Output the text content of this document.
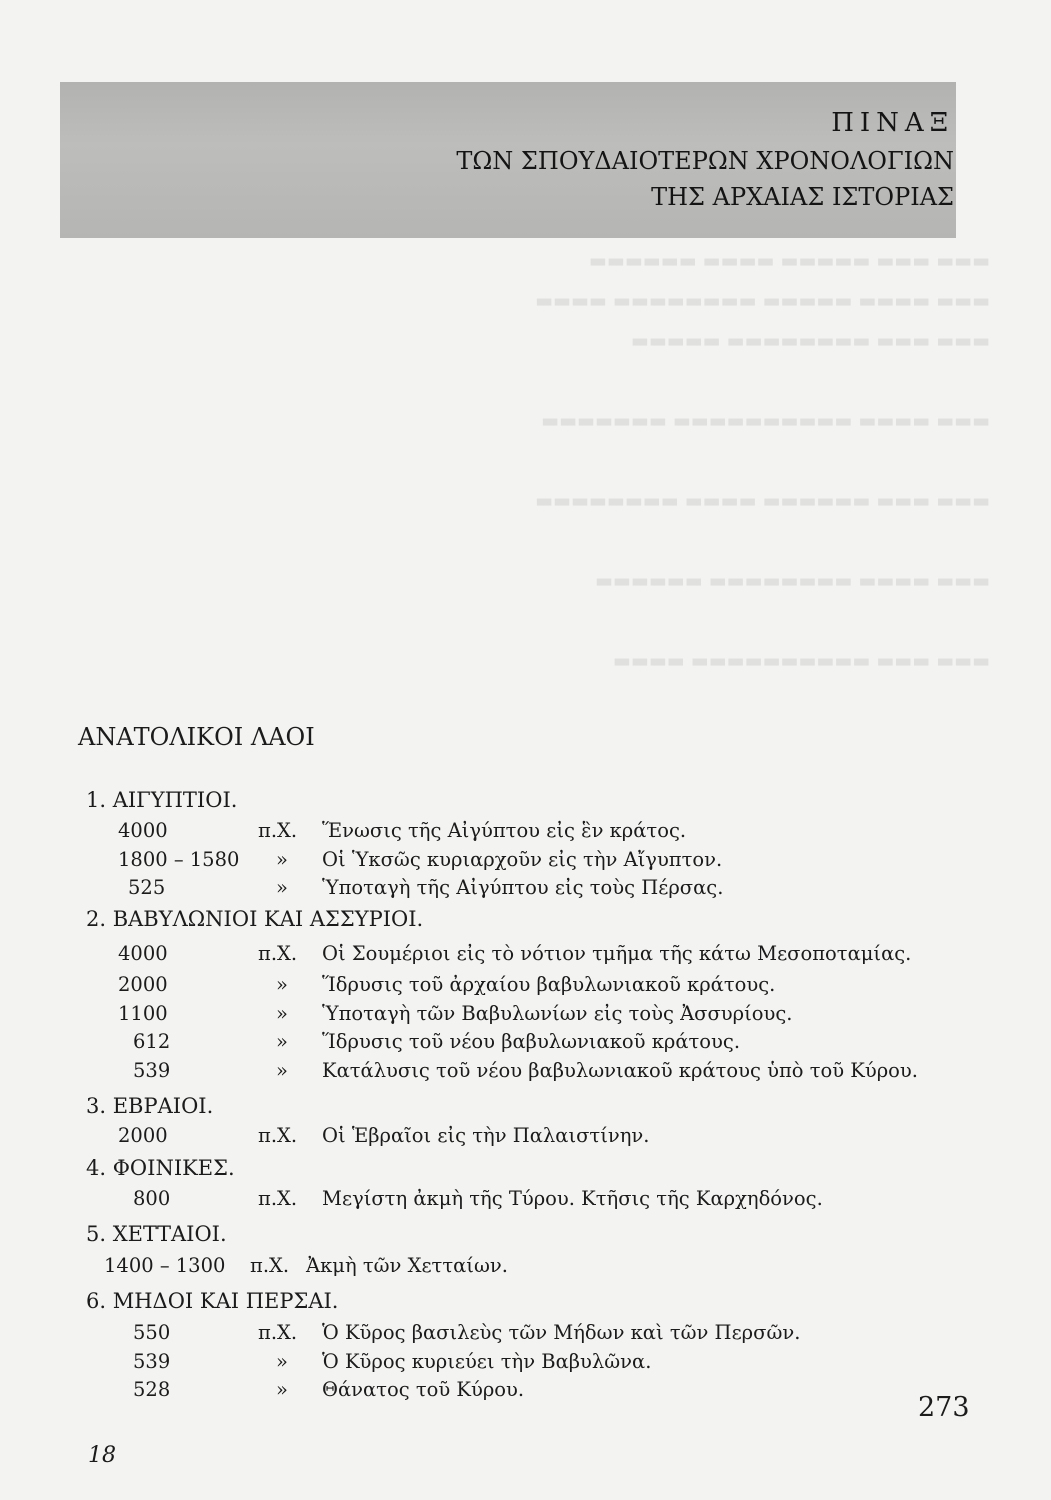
▬▬▬ ▬▬▬ ▬▬▬▬▬ ▬▬▬▬ ▬▬▬▬▬▬
▬▬▬ ▬▬▬▬ ▬▬▬▬▬ ▬▬▬▬▬▬▬▬ ▬▬▬▬
▬▬▬ ▬▬▬ ▬▬▬▬▬▬▬▬ ▬▬▬▬▬
▬▬▬ ▬▬▬▬ ▬▬▬▬▬▬▬▬▬▬ ▬▬▬▬▬▬▬
▬▬▬ ▬▬▬ ▬▬▬▬▬▬ ▬▬▬▬ ▬▬▬▬▬▬▬▬
▬▬▬ ▬▬▬▬ ▬▬▬▬▬▬▬▬ ▬▬▬▬▬▬
▬▬▬ ▬▬▬ ▬▬▬▬▬▬▬▬▬▬ ▬▬▬▬
ΠΙΝΑΞ
ΤΩΝ ΣΠΟΥΔΑΙΟΤΕΡΩΝ ΧΡΟΝΟΛΟΓΙΩΝ
ΤΗΣ ΑΡΧΑΙΑΣ ΙΣΤΟΡΙΑΣ
ΑΝΑΤΟΛΙΚΟΙ ΛΑΟΙ
1. ΑΙΓΥΠΤΙΟΙ.
4000	π.Χ. Ἕνωσις τῆς Αἰγύπτου εἰς ἓν κράτος.
1800 – 1580 » Οἱ Ὑκσῶς κυριαρχοῦν εἰς τὴν Αἴγυπτον.
525	» Ὑποταγὴ τῆς Αἰγύπτου εἰς τοὺς Πέρσας.
2. ΒΑΒΥΛΩΝΙΟΙ ΚΑΙ ΑΣΣΥΡΙΟΙ.
4000	π.Χ. Οἱ Σουμέριοι εἰς τὸ νότιον τμῆμα τῆς κάτω Μεσοποταμίας.
2000	» Ἵδρυσις τοῦ ἀρχαίου βαβυλωνιακοῦ κράτους.
1100	» Ὑποταγὴ τῶν Βαβυλωνίων εἰς τοὺς Ἀσσυρίους.
612	» Ἵδρυσις τοῦ νέου βαβυλωνιακοῦ κράτους.
539	» Κατάλυσις τοῦ νέου βαβυλωνιακοῦ κράτους ὑπὸ τοῦ Κύρου.
3. ΕΒΡΑΙΟΙ.
2000	π.Χ. Οἱ Ἑβραῖοι εἰς τὴν Παλαιστίνην.
4. ΦΟΙΝΙΚΕΣ.
800	π.Χ. Μεγίστη ἀκμὴ τῆς Τύρου. Κτῆσις τῆς Καρχηδόνος.
5. ΧΕΤΤΑΙΟΙ.
1400 – 1300 π.Χ. Ἀκμὴ τῶν Χετταίων.
6. ΜΗΔΟΙ ΚΑΙ ΠΕΡΣΑΙ.
550	π.Χ. Ὁ Κῦρος βασιλεὺς τῶν Μήδων καὶ τῶν Περσῶν.
539	» Ὁ Κῦρος κυριεύει τὴν Βαβυλῶνα.
528	» Θάνατος τοῦ Κύρου.
273
18
